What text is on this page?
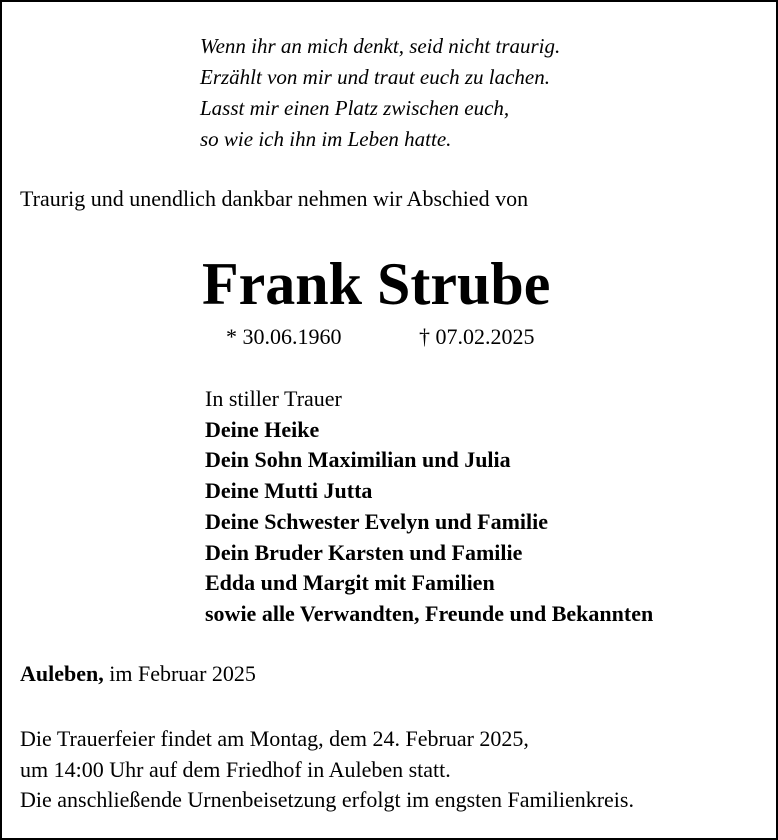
Wenn ihr an mich denkt, seid nicht traurig.
Erzählt von mir und traut euch zu lachen.
Lasst mir einen Platz zwischen euch,
so wie ich ihn im Leben hatte.
Traurig und unendlich dankbar nehmen wir Abschied von
Frank Strube
* 30.06.1960	† 07.02.2025
In stiller Trauer
Deine Heike
Dein Sohn Maximilian und Julia
Deine Mutti Jutta
Deine Schwester Evelyn und Familie
Dein Bruder Karsten und Familie
Edda und Margit mit Familien
sowie alle Verwandten, Freunde und Bekannten
Auleben, im Februar 2025
Die Trauerfeier findet am Montag, dem 24. Februar 2025,
um 14:00 Uhr auf dem Friedhof in Auleben statt.
Die anschließende Urnenbeisetzung erfolgt im engsten Familienkreis.
